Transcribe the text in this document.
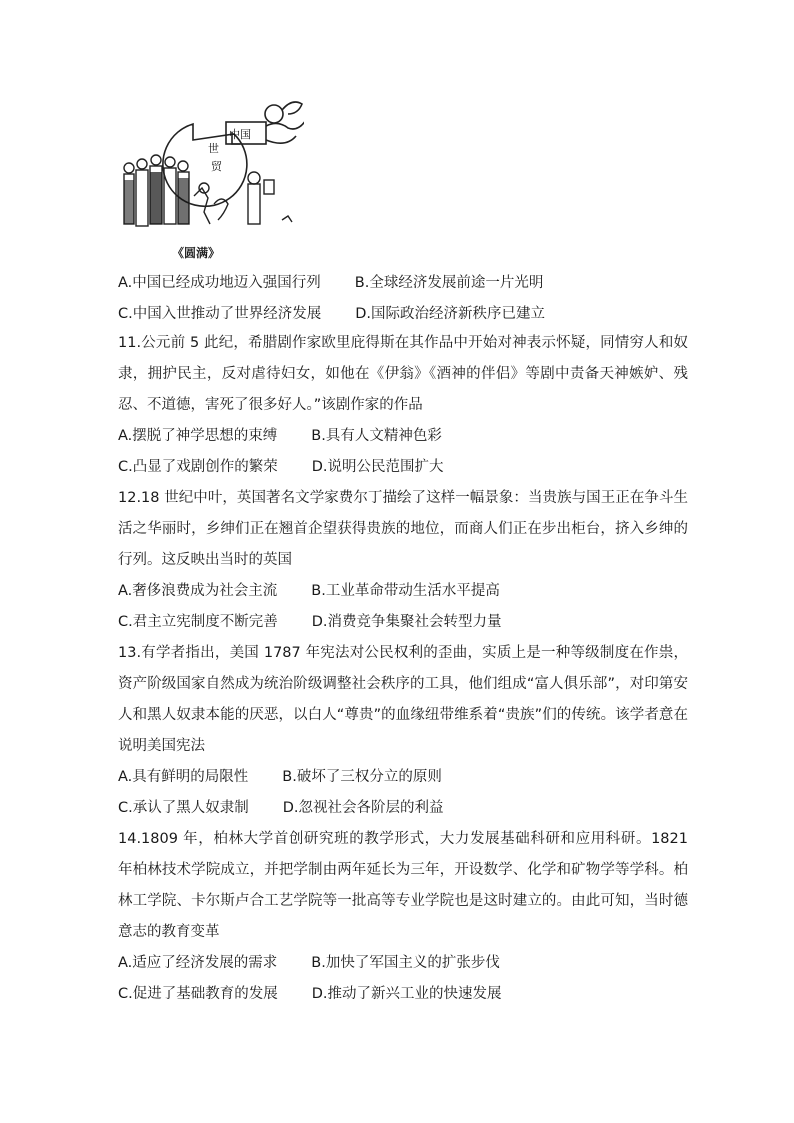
世
贸
中国
《圆满》
A.中国已经成功地迈入强国行列 B.全球经济发展前途一片光明
C.中国入世推动了世界经济发展 D.国际政治经济新秩序已建立

11.公元前 5 此纪，希腊剧作家欧里庇得斯在其作品中开始对神表示怀疑，同情穷人和奴隶，拥护民主，反对虐待妇女，如他在《伊翁》《酒神的伴侣》等剧中责备天神嫉妒、残忍、不道德，害死了很多好人。”该剧作家的作品

A.摆脱了神学思想的束缚 B.具有人文精神色彩
C.凸显了戏剧创作的繁荣 D.说明公民范围扩大

12.18 世纪中叶，英国著名文学家费尔丁描绘了这样一幅景象：当贵族与国王正在争斗生活之华丽时，乡绅们正在翘首企望获得贵族的地位，而商人们正在步出柜台，挤入乡绅的行列。这反映出当时的英国

A.奢侈浪费成为社会主流 B.工业革命带动生活水平提高
C.君主立宪制度不断完善 D.消费竞争集聚社会转型力量

13.有学者指出，美国 1787 年宪法对公民权利的歪曲，实质上是一种等级制度在作祟，资产阶级国家自然成为统治阶级调整社会秩序的工具，他们组成“富人俱乐部”，对印第安人和黑人奴隶本能的厌恶，以白人“尊贵”的血缘纽带维系着“贵族”们的传统。该学者意在说明美国宪法

A.具有鲜明的局限性 B.破坏了三权分立的原则
C.承认了黑人奴隶制 D.忽视社会各阶层的利益

14.1809 年，柏林大学首创研究班的教学形式，大力发展基础科研和应用科研。1821 年柏林技术学院成立，并把学制由两年延长为三年，开设数学、化学和矿物学等学科。柏林工学院、卡尔斯卢合工艺学院等一批高等专业学院也是这时建立的。由此可知，当时德意志的教育变革

A.适应了经济发展的需求 B.加快了军国主义的扩张步伐
C.促进了基础教育的发展 D.推动了新兴工业的快速发展
